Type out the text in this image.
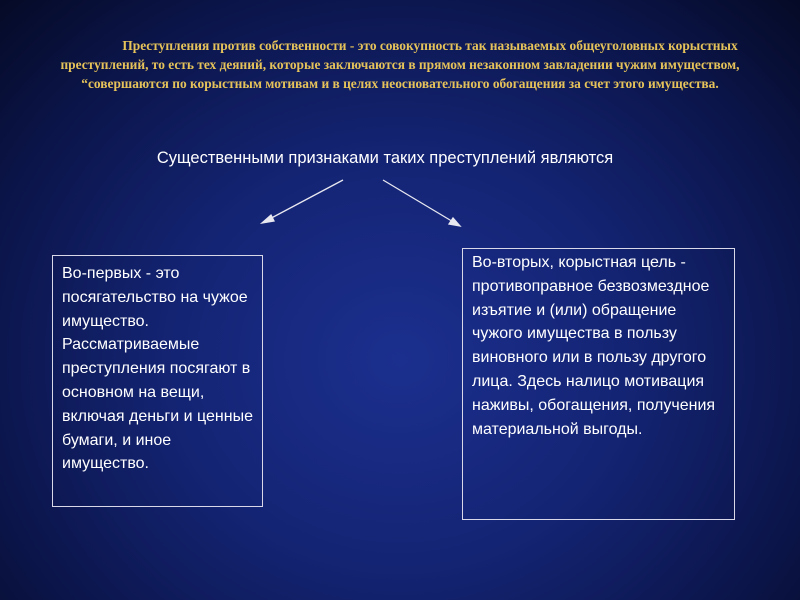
Преступления против собственности - это совокупность так называемых общеуголовных корыстных преступлений, то есть тех деяний, которые заключаются в прямом незаконном завладении чужим имуществом, “совершаются по корыстным мотивам и в целях неосновательного обогащения за счет этого имущества.
Существенными признаками таких преступлений являются
Во-первых - это посягательство на чужое имущество. Рассматриваемые преступления посягают в основном на вещи, включая деньги и ценные бумаги, и иное имущество.
Во-вторых, корыстная цель - противоправное безвозмездное изъятие и (или) обращение чужого имущества в пользу виновного или в пользу другого лица. Здесь налицо мотивация наживы, обогащения, получения материальной выгоды.
